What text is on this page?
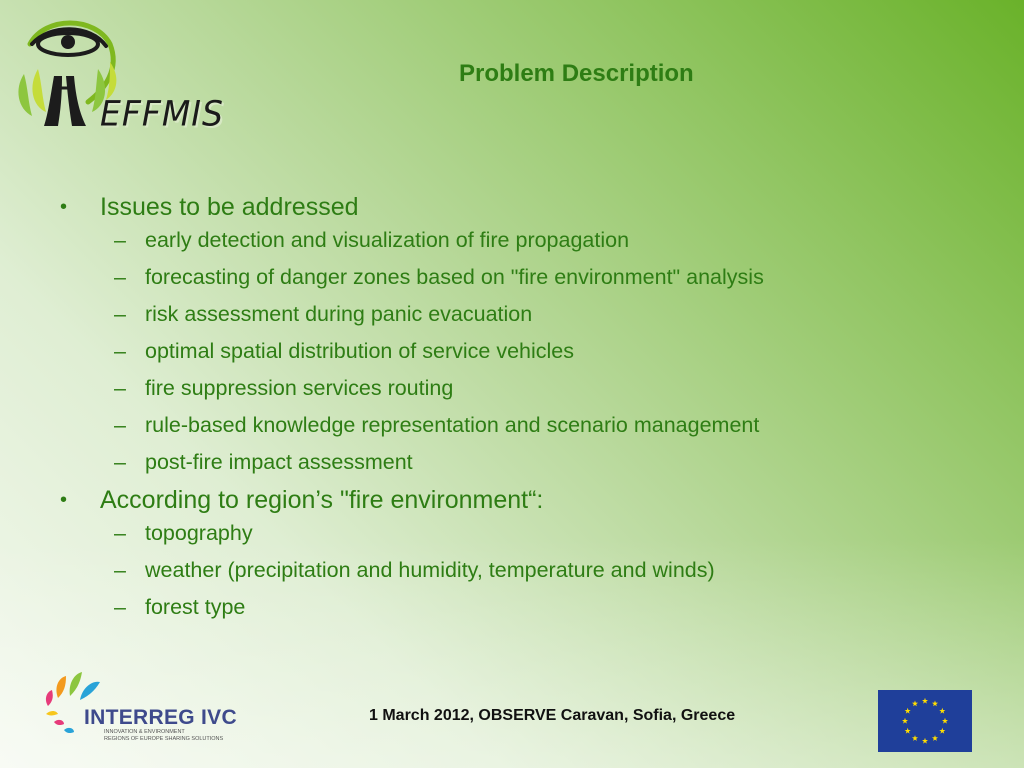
EFFMIS
Problem Description
• Issues to be addressed
– early detection and visualization of fire propagation
– forecasting of danger zones based on "fire environment" analysis
– risk assessment during panic evacuation
– optimal spatial distribution of service vehicles
– fire suppression services routing
– rule-based knowledge representation and scenario management
– post-fire impact assessment
• According to region’s "fire environment“:
– topography
– weather (precipitation and humidity, temperature and winds)
– forest type
INTERREG IVC
INNOVATION & ENVIRONMENT
REGIONS OF EUROPE SHARING SOLUTIONS
1 March 2012, OBSERVE Caravan, Sofia, Greece
